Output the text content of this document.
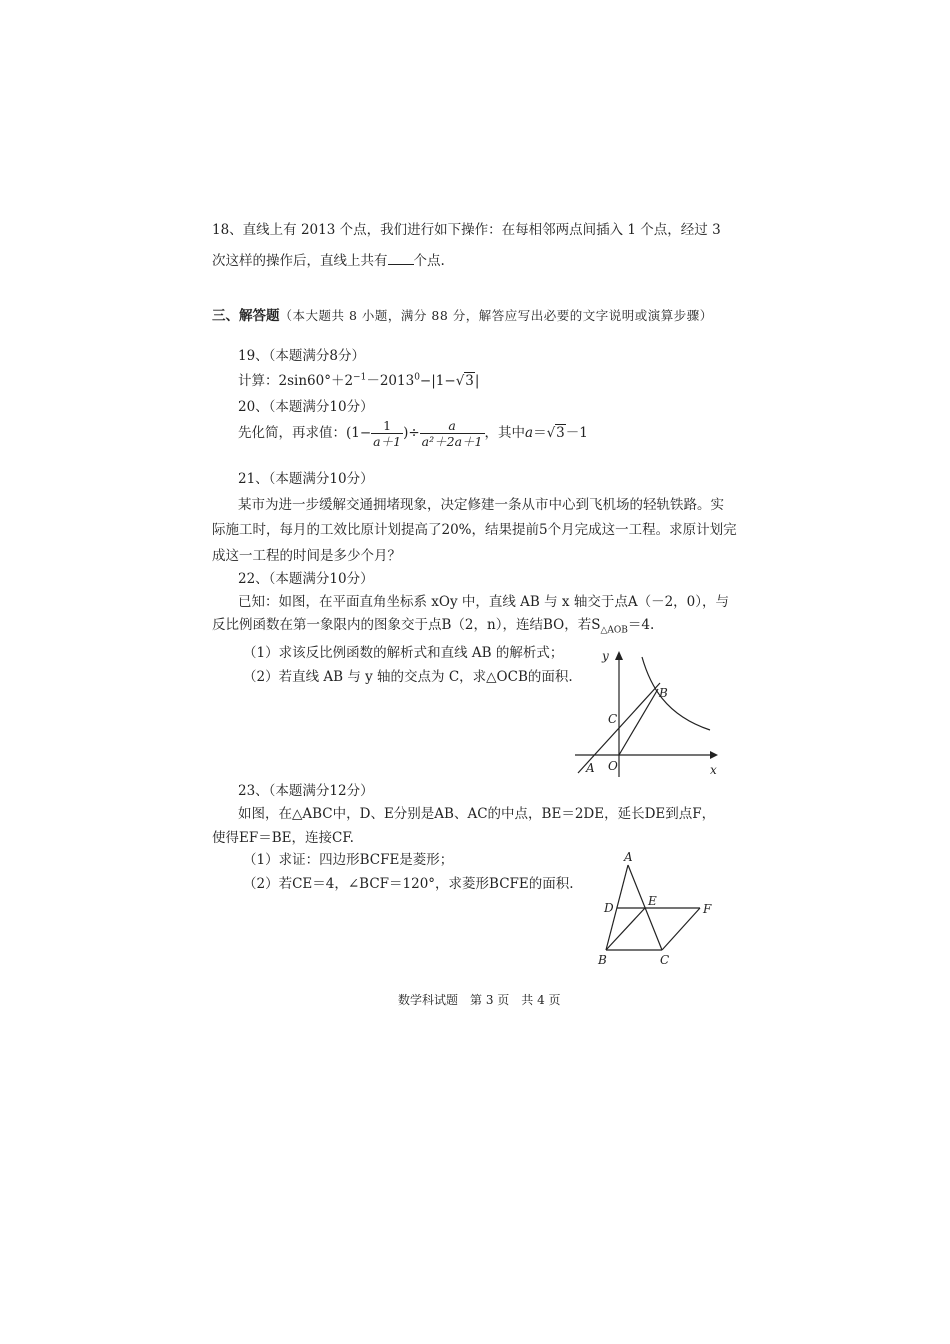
18、直线上有 2013 个点，我们进行如下操作：在每相邻两点间插入 1 个点，经过 3
次这样的操作后，直线上共有 个点.
三、解答题（本大题共 8 小题，满分 88 分，解答应写出必要的文字说明或演算步骤）
19、（本题满分8分）
计算：$2\sin 60^\circ+2^{-1}-2013^0-|1-√3|$
20、（本题满分10分）
先化简，再求值：($1- \frac{1}{a+1}$ )÷ $\frac{a}{\text{a²＋2a＋1}}$ ，其中a＝√3－1
21、（本题满分10分）
某市为进一步缓解交通拥堵现象，决定修建一条从市中心到飞机场的轻轨铁路。实
际施工时，每月的工效比原计划提高了20%，结果提前5个月完成这一工程。求原计划完
成这一工程的时间是多少个月？
22、（本题满分10分）
已知：如图，在平面直角坐标系 xOy 中，直线 AB 与 x 轴交于点A（－2，0），与
反比例函数在第一象限内的图象交于点B（2，n），连结BO，若$S_{\triangle AOB}=4$.
（1）求该反比例函数的解析式和直线 AB 的解析式；
（2）若直线 AB 与 y 轴的交点为 C，求△OCB的面积.
y
x
A O
B
C
23、（本题满分12分）
如图，在△ABC中，D、E分别是AB、AC的中点，BE＝2DE，延长DE到点F，
使得EF＝BE，连接CF.
（1）求证：四边形BCFE是菱形；
（2）若CE＝4，∠BCF＝120°，求菱形BCFE的面积.
A
D	E
F
B	C
数学科试题　第 3 页　共 4 页
